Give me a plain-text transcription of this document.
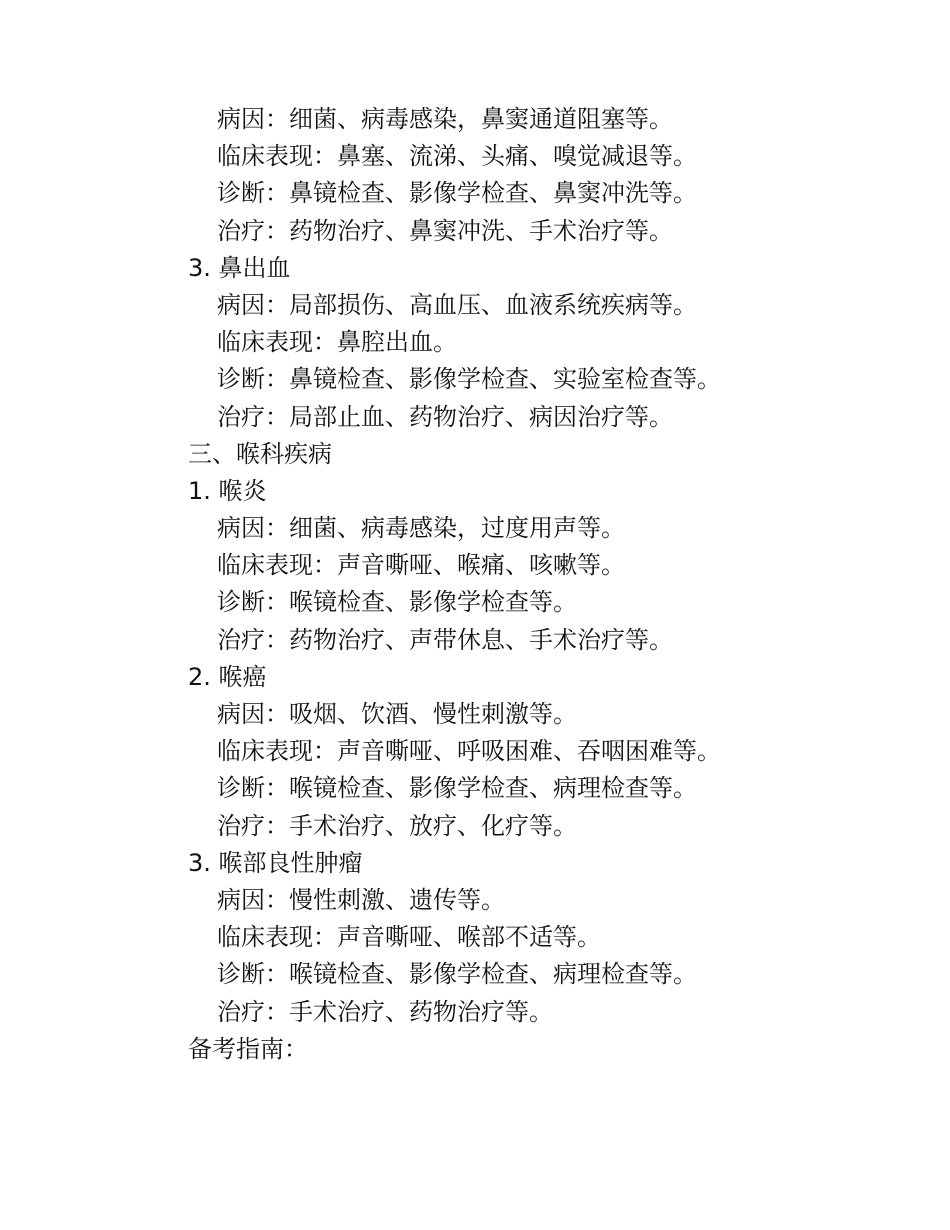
病因：细菌、病毒感染，鼻窦通道阻塞等。
临床表现：鼻塞、流涕、头痛、嗅觉减退等。
诊断：鼻镜检查、影像学检查、鼻窦冲洗等。
治疗：药物治疗、鼻窦冲洗、手术治疗等。
3. 鼻出血
病因：局部损伤、高血压、血液系统疾病等。
临床表现：鼻腔出血。
诊断：鼻镜检查、影像学检查、实验室检查等。
治疗：局部止血、药物治疗、病因治疗等。
三、喉科疾病
1. 喉炎
病因：细菌、病毒感染，过度用声等。
临床表现：声音嘶哑、喉痛、咳嗽等。
诊断：喉镜检查、影像学检查等。
治疗：药物治疗、声带休息、手术治疗等。
2. 喉癌
病因：吸烟、饮酒、慢性刺激等。
临床表现：声音嘶哑、呼吸困难、吞咽困难等。
诊断：喉镜检查、影像学检查、病理检查等。
治疗：手术治疗、放疗、化疗等。
3. 喉部良性肿瘤
病因：慢性刺激、遗传等。
临床表现：声音嘶哑、喉部不适等。
诊断：喉镜检查、影像学检查、病理检查等。
治疗：手术治疗、药物治疗等。
备考指南：
